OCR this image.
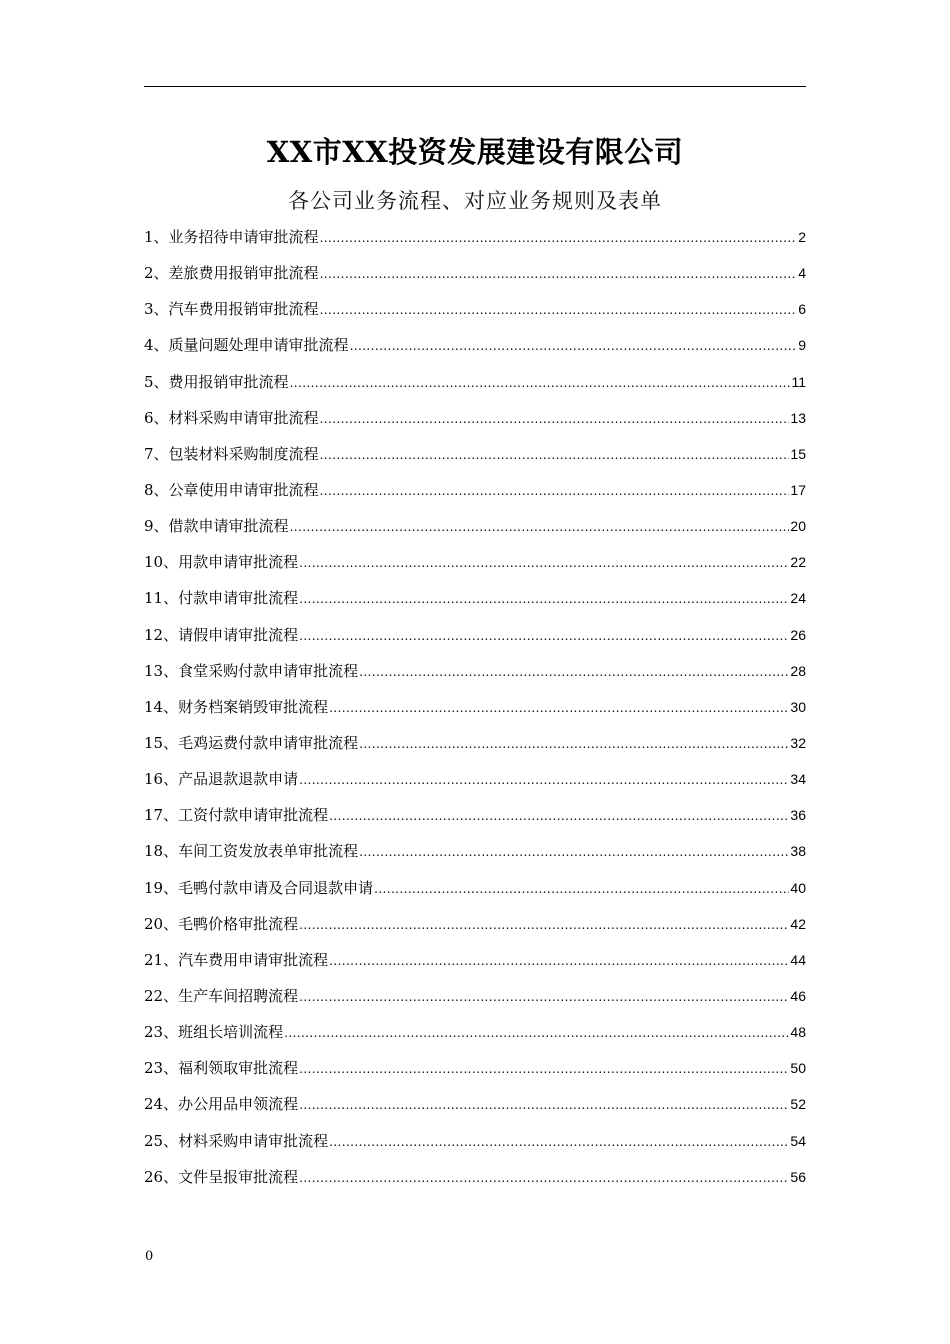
XX市XX投资发展建设有限公司
各公司业务流程、对应业务规则及表单
1、业务招待申请审批流程 .....	2
2、差旅费用报销审批流程 .....	4
3、汽车费用报销审批流程 .....	6
4、质量问题处理申请审批流程 .....	9
5、费用报销审批流程 .....	11
6、材料采购申请审批流程 .....	13
7、包装材料采购制度流程 .....	15
8、公章使用申请审批流程 .....	17
9、借款申请审批流程 .....	20
10、用款申请审批流程 .....	22
11、付款申请审批流程 .....	24
12、请假申请审批流程 .....	26
13、食堂采购付款申请审批流程 .....	28
14、财务档案销毁审批流程 .....	30
15、毛鸡运费付款申请审批流程 .....	32
16、产品退款退款申请 .....	34
17、工资付款申请审批流程 .....	36
18、车间工资发放表单审批流程 .....	38
19、毛鸭付款申请及合同退款申请 .....	40
20、毛鸭价格审批流程 .....	42
21、汽车费用申请审批流程 .....	44
22、生产车间招聘流程 .....	46
23、班组长培训流程 .....	48
23、福利领取审批流程 .....	50
24、办公用品申领流程 .....	52
25、材料采购申请审批流程 .....	54
26、文件呈报审批流程 .....	56
0
